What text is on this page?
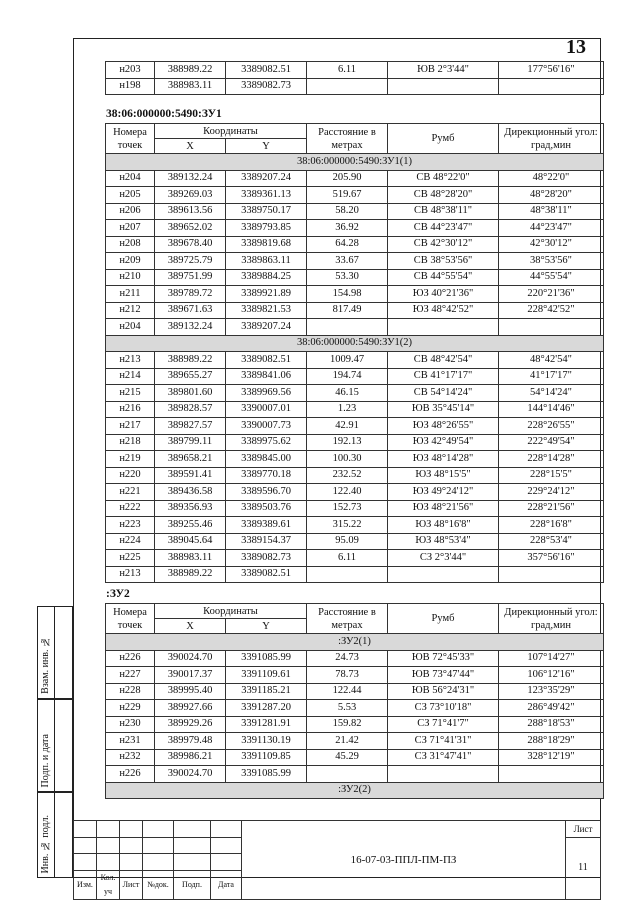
13
н203	388989.22	3389082.51	6.11	ЮВ 2°3'44"	177°56'16"
н198	388983.11	3389082.73			
38:06:000000:5490:ЗУ1
Номера точек	Координаты		Расстояние в метрах	Румб	Дирекционный угол: град,мин
	X	Y			
38:06:000000:5490:ЗУ1(1)					
н204	389132.24	3389207.24	205.90	СВ 48°22'0"	48°22'0"
н205	389269.03	3389361.13	519.67	СВ 48°28'20"	48°28'20"
н206	389613.56	3389750.17	58.20	СВ 48°38'11"	48°38'11"
н207	389652.02	3389793.85	36.92	СВ 44°23'47"	44°23'47"
н208	389678.40	3389819.68	64.28	СВ 42°30'12"	42°30'12"
н209	389725.79	3389863.11	33.67	СВ 38°53'56"	38°53'56"
н210	389751.99	3389884.25	53.30	СВ 44°55'54"	44°55'54"
н211	389789.72	3389921.89	154.98	ЮЗ 40°21'36"	220°21'36"
н212	389671.63	3389821.53	817.49	ЮЗ 48°42'52"	228°42'52"
н204	389132.24	3389207.24			
38:06:000000:5490:ЗУ1(2)					
н213	388989.22	3389082.51	1009.47	СВ 48°42'54"	48°42'54"
н214	389655.27	3389841.06	194.74	СВ 41°17'17"	41°17'17"
н215	389801.60	3389969.56	46.15	СВ 54°14'24"	54°14'24"
н216	389828.57	3390007.01	1.23	ЮВ 35°45'14"	144°14'46"
н217	389827.57	3390007.73	42.91	ЮЗ 48°26'55"	228°26'55"
н218	389799.11	3389975.62	192.13	ЮЗ 42°49'54"	222°49'54"
н219	389658.21	3389845.00	100.30	ЮЗ 48°14'28"	228°14'28"
н220	389591.41	3389770.18	232.52	ЮЗ 48°15'5"	228°15'5"
н221	389436.58	3389596.70	122.40	ЮЗ 49°24'12"	229°24'12"
н222	389356.93	3389503.76	152.73	ЮЗ 48°21'56"	228°21'56"
н223	389255.46	3389389.61	315.22	ЮЗ 48°16'8"	228°16'8"
н224	389045.64	3389154.37	95.09	ЮЗ 48°53'4"	228°53'4"
н225	388983.11	3389082.73	6.11	СЗ 2°3'44"	357°56'16"
н213	388989.22	3389082.51			
:ЗУ2
Номера точек	Координаты		Расстояние в метрах	Румб	Дирекционный угол: град,мин
	X	Y			
:ЗУ2(1)					
н226	390024.70	3391085.99	24.73	ЮВ 72°45'33"	107°14'27"
н227	390017.37	3391109.61	78.73	ЮВ 73°47'44"	106°12'16"
н228	389995.40	3391185.21	122.44	ЮВ 56°24'31"	123°35'29"
н229	389927.66	3391287.20	5.53	СЗ 73°10'18"	286°49'42"
н230	389929.26	3391281.91	159.82	СЗ 71°41'7"	288°18'53"
н231	389979.48	3391130.19	21.42	СЗ 71°41'31"	288°18'29"
н232	389986.21	3391109.85	45.29	СЗ 31°47'41"	328°12'19"
н226	390024.70	3391085.99			
:ЗУ2(2)					
Взам. инв. №
Подп. и дата
Инв. № подл.
							16-07-03-ППЛ-ПМ-ПЗ	Лист
							11

Изм.	Кол. уч	Лист	№док.	Подп.	Дата		
